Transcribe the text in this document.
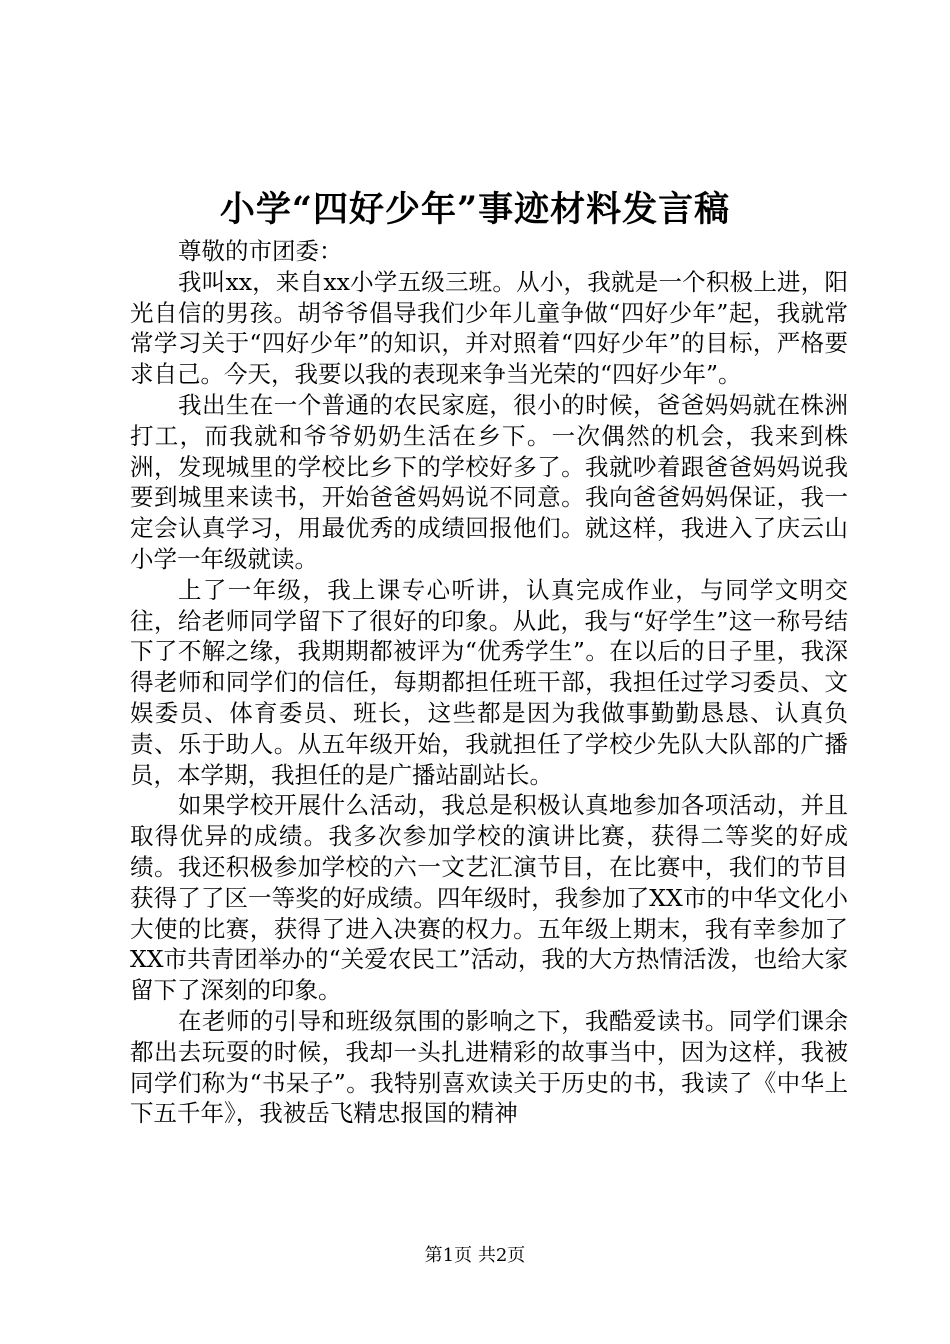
小学“四好少年”事迹材料发言稿

尊敬的市团委：

我叫xx，来自xx小学五级三班。从小，我就是一个积极上进，阳光自信的男孩。胡爷爷倡导我们少年儿童争做“四好少年”起，我就常常学习关于“四好少年”的知识，并对照着“四好少年”的目标，严格要求自己。今天，我要以我的表现来争当光荣的“四好少年”。

我出生在一个普通的农民家庭，很小的时候，爸爸妈妈就在株洲打工，而我就和爷爷奶奶生活在乡下。一次偶然的机会，我来到株洲，发现城里的学校比乡下的学校好多了。我就吵着跟爸爸妈妈说我要到城里来读书，开始爸爸妈妈说不同意。我向爸爸妈妈保证，我一定会认真学习，用最优秀的成绩回报他们。就这样，我进入了庆云山小学一年级就读。

上了一年级，我上课专心听讲，认真完成作业，与同学文明交往，给老师同学留下了很好的印象。从此，我与“好学生”这一称号结下了不解之缘，我期期都被评为“优秀学生”。在以后的日子里，我深得老师和同学们的信任，每期都担任班干部，我担任过学习委员、文娱委员、体育委员、班长，这些都是因为我做事勤勤恳恳、认真负责、乐于助人。从五年级开始，我就担任了学校少先队大队部的广播员，本学期，我担任的是广播站副站长。

如果学校开展什么活动，我总是积极认真地参加各项活动，并且取得优异的成绩。我多次参加学校的演讲比赛，获得二等奖的好成绩。我还积极参加学校的六一文艺汇演节目，在比赛中，我们的节目获得了了区一等奖的好成绩。四年级时，我参加了XX市的中华文化小大使的比赛，获得了进入决赛的权力。五年级上期末，我有幸参加了XX市共青团举办的“关爱农民工”活动，我的大方热情活泼，也给大家留下了深刻的印象。

在老师的引导和班级氛围的影响之下，我酷爱读书。同学们课余都出去玩耍的时候，我却一头扎进精彩的故事当中，因为这样，我被同学们称为“书呆子”。我特别喜欢读关于历史的书，我读了《中华上下五千年》，我被岳飞精忠报国的精神

第1页 共2页
